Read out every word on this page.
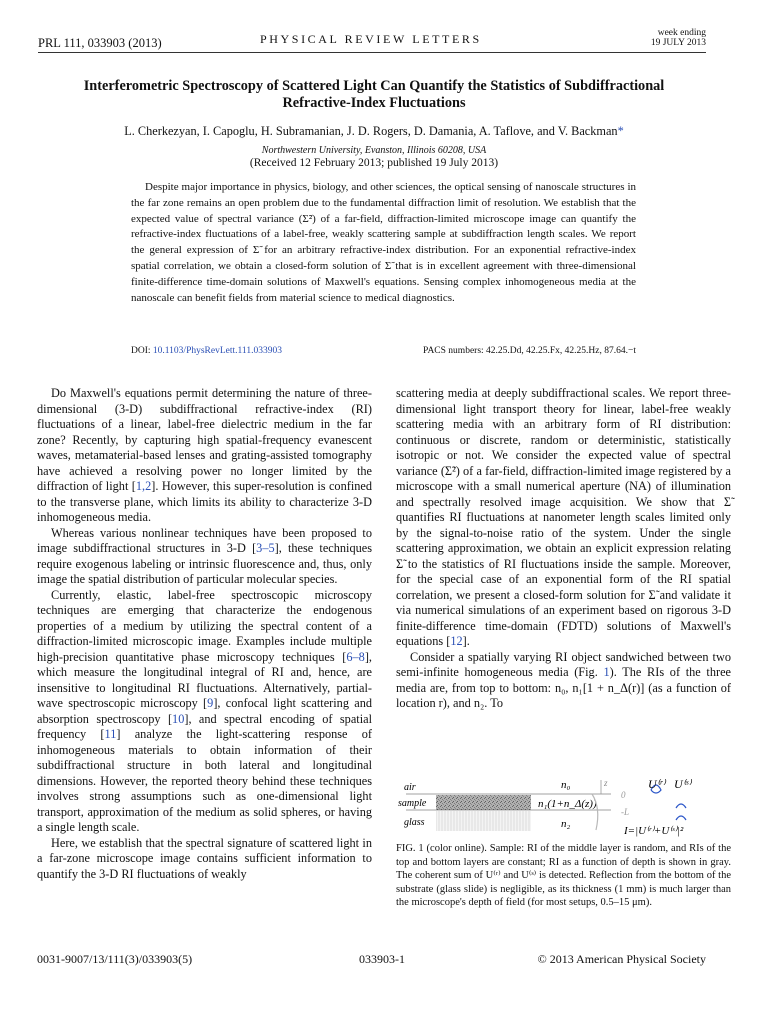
PRL 111, 033903 (2013)	PHYSICAL REVIEW LETTERS	week ending
19 JULY 2013
Interferometric Spectroscopy of Scattered Light Can Quantify the Statistics of Subdiffractional Refractive-Index Fluctuations
L. Cherkezyan, I. Capoglu, H. Subramanian, J. D. Rogers, D. Damania, A. Taflove, and V. Backman*
Northwestern University, Evanston, Illinois 60208, USA
(Received 12 February 2013; published 19 July 2013)

Despite major importance in physics, biology, and other sciences, the optical sensing of nanoscale structures in the far zone remains an open problem due to the fundamental diffraction limit of resolution. We establish that the expected value of spectral variance (Σ̃²) of a far-field, diffraction-limited microscope image can quantify the refractive-index fluctuations of a label-free, weakly scattering sample at subdiffraction length scales. We report the general expression of Σ̃ for an arbitrary refractive-index distribution. For an exponential refractive-index spatial correlation, we obtain a closed-form solution of Σ̃ that is in excellent agreement with three-dimensional finite-difference time-domain solutions of Maxwell's equations. Sensing complex inhomogeneous media at the nanoscale can benefit fields from material science to medical diagnostics.

DOI: 10.1103/PhysRevLett.111.033903	PACS numbers: 42.25.Dd, 42.25.Fx, 42.25.Hz, 87.64.−t

Do Maxwell's equations permit determining the nature of three-dimensional (3-D) subdiffractional refractive-index (RI) fluctuations of a linear, label-free dielectric medium in the far zone? Recently, by capturing high spatial-frequency evanescent waves, metamaterial-based lenses and grating-assisted tomography have achieved a resolving power no longer limited by the diffraction of light [1,2]. However, this super-resolution is confined to the transverse plane, which limits its ability to characterize 3-D inhomogeneous media.

Whereas various nonlinear techniques have been proposed to image subdiffractional structures in 3-D [3–5], these techniques require exogenous labeling or intrinsic fluorescence and, thus, only image the spatial distribution of particular molecular species.

Currently, elastic, label-free spectroscopic microscopy techniques are emerging that characterize the endogenous properties of a medium by utilizing the spectral content of a diffraction-limited microscopic image. Examples include multiple high-precision quantitative phase microscopy techniques [6–8], which measure the longitudinal integral of RI and, hence, are insensitive to longitudinal RI fluctuations. Alternatively, partial-wave spectroscopic microscopy [9], confocal light scattering and absorption spectroscopy [10], and spectral encoding of spatial frequency [11] analyze the light-scattering response of inhomogeneous materials to obtain information of their subdiffractional structure in both lateral and longitudinal dimensions. However, the reported theory behind these techniques involves strong assumptions such as one-dimensional light transport, approximation of the medium as solid spheres, or having a single length scale.

Here, we establish that the spectral signature of scattered light in a far-zone microscope image contains sufficient information to quantify the 3-D RI fluctuations of weakly

scattering media at deeply subdiffractional scales. We report three-dimensional light transport theory for linear, label-free weakly scattering media with an arbitrary form of RI distribution: continuous or discrete, random or deterministic, statistically isotropic or not. We consider the expected value of spectral variance (Σ̃²) of a far-field, diffraction-limited image registered by a microscope with a small numerical aperture (NA) of illumination and spectrally resolved image acquisition. We show that Σ̃ quantifies RI fluctuations at nanometer length scales limited only by the signal-to-noise ratio of the system. Under the single scattering approximation, we obtain an explicit expression relating Σ̃ to the statistics of RI fluctuations inside the sample. Moreover, for the special case of an exponential form of the RI spatial correlation, we present a closed-form solution for Σ̃ and validate it via numerical simulations of an experiment based on rigorous 3-D finite-difference time-domain (FDTD) solutions of Maxwell's equations [12].

Consider a spatially varying RI object sandwiched between two semi-infinite homogeneous media (Fig. 1). The RIs of the three media are, from top to bottom: n₀, n₁[1 + n_Δ(r)] (as a function of location r), and n₂. To

air
sample
glass
n₀
n₁(1+n_Δ(z))
n₂
z
0
-L
U⁽ʳ⁾ U⁽ˢ⁾
I=|U⁽ʳ⁾+U⁽ˢ⁾|²
FIG. 1 (color online). Sample: RI of the middle layer is random, and RIs of the top and bottom layers are constant; RI as a function of depth is shown in gray. The coherent sum of U⁽ʳ⁾ and U⁽ˢ⁾ is detected. Reflection from the bottom of the substrate (glass slide) is negligible, as its thickness (1 mm) is much larger than the microscope's depth of field (for most setups, 0.5–15 μm).
0031-9007/13/111(3)/033903(5)	033903-1	© 2013 American Physical Society
